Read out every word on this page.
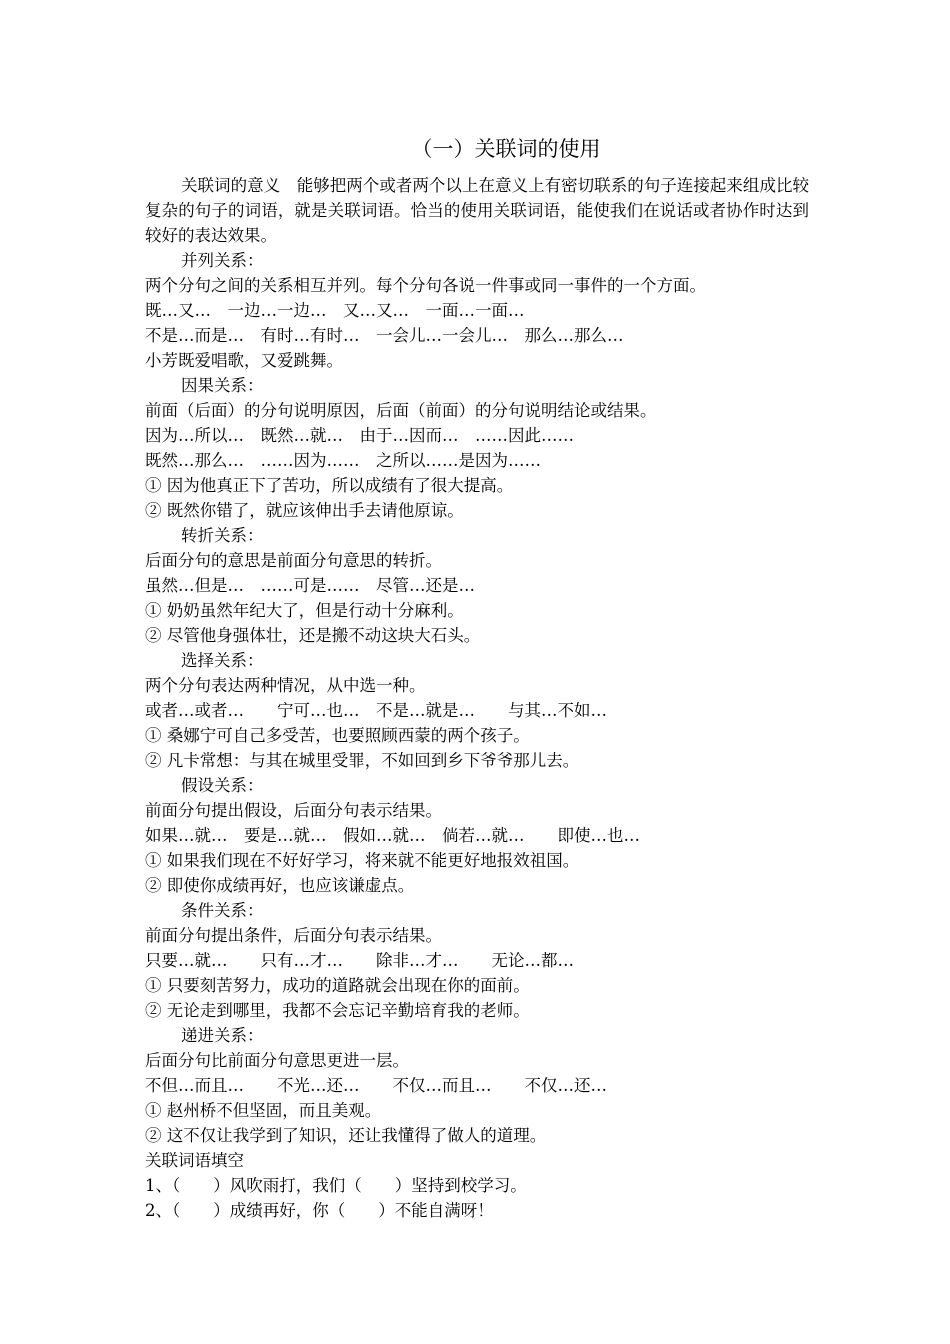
（一）关联词的使用

关联词的意义　能够把两个或者两个以上在意义上有密切联系的句子连接起来组成比较复杂的句子的词语，就是关联词语。恰当的使用关联词语，能使我们在说话或者协作时达到较好的表达效果。

并列关系：
两个分句之间的关系相互并列。每个分句各说一件事或同一事件的一个方面。
既…又…　一边…一边…　又…又…　一面…一面…
不是…而是…　有时…有时…　一会儿…一会儿…　那么…那么…
小芳既爱唱歌，又爱跳舞。
因果关系：
前面（后面）的分句说明原因，后面（前面）的分句说明结论或结果。
因为…所以…　既然…就…　由于…因而…　……因此……
既然…那么…　……因为……　之所以……是因为……
① 因为他真正下了苦功，所以成绩有了很大提高。
② 既然你错了，就应该伸出手去请他原谅。
转折关系：
后面分句的意思是前面分句意思的转折。
虽然…但是…　……可是……　尽管…还是…
① 奶奶虽然年纪大了，但是行动十分麻利。
② 尽管他身强体壮，还是搬不动这块大石头。
选择关系：
两个分句表达两种情况，从中选一种。
或者…或者…　　宁可…也…　不是…就是…　　与其…不如…
① 桑娜宁可自己多受苦，也要照顾西蒙的两个孩子。
② 凡卡常想：与其在城里受罪，不如回到乡下爷爷那儿去。
假设关系：
前面分句提出假设，后面分句表示结果。
如果…就…　要是…就…　假如…就…　倘若…就…　　即使…也…
① 如果我们现在不好好学习，将来就不能更好地报效祖国。
② 即使你成绩再好，也应该谦虚点。
条件关系：
前面分句提出条件，后面分句表示结果。
只要…就…　　只有…才…　　除非…才…　　无论…都…
① 只要刻苦努力，成功的道路就会出现在你的面前。
② 无论走到哪里，我都不会忘记辛勤培育我的老师。
递进关系：
后面分句比前面分句意思更进一层。
不但…而且…　　不光…还…　　不仅…而且…　　不仅…还…
① 赵州桥不但坚固，而且美观。
② 这不仅让我学到了知识，还让我懂得了做人的道理。
关联词语填空
1、（　　）风吹雨打，我们（　　）坚持到校学习。
2、（　　）成绩再好，你（　　）不能自满呀！
